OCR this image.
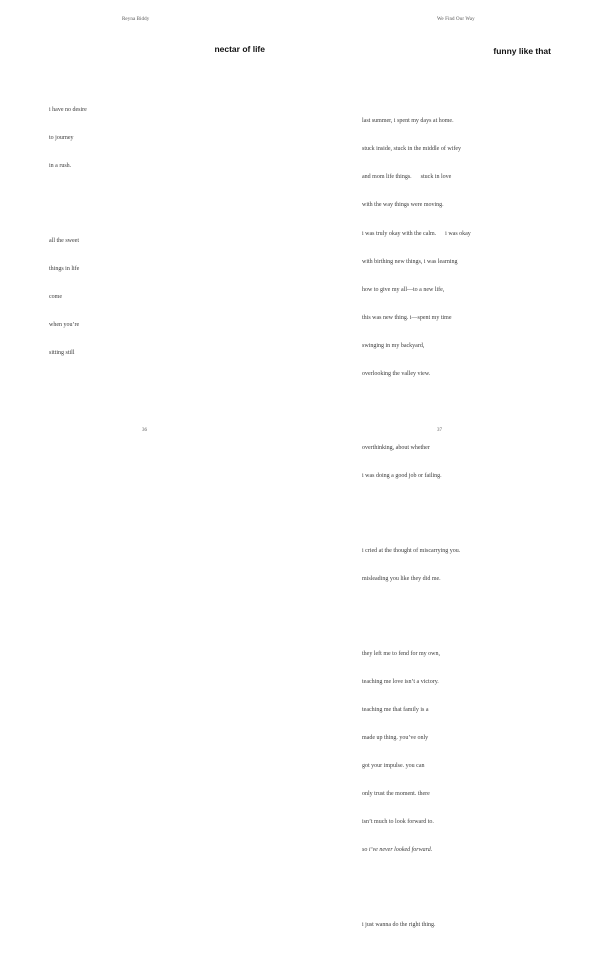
Reyna Biddy
nectar of life

i have no desire

to journey

in a rush.

all the sweet

things in life

come

when you’re

sitting still

36
We Find Our Way
funny like that

last summer, i spent my days at home.

stuck inside, stuck in the middle of wifey

and mom life things.      stuck in love

with the way things were moving.

i was truly okay with the calm.      i was okay

with birthing new things, i was learning

how to give my all—to a new life,

this was new thing. i—spent my time

swinging in my backyard,

overlooking the valley view.

overthinking, about whether

i was doing a good job or failing.

i cried at the thought of miscarrying you.

misleading you like they did me.

they left me to fend for my own,

teaching me love isn’t a victory.

teaching me that family is a

made up thing. you’ve only

got your impulse. you can

only trust the moment. there

isn’t much to look forward to.

so i’ve never looked forward.

i just wanna do the right thing.

37
